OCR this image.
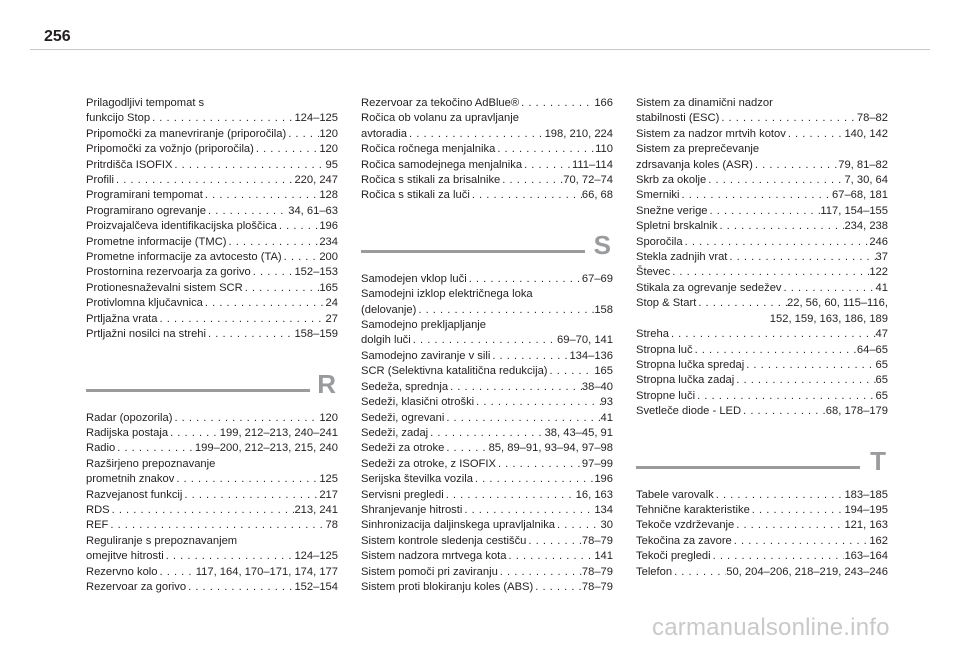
256
Prilagodljivi tempomat s
funkcijo Stop . . .	124–125
Pripomočki za manevriranje (priporočila) . . .	120
Pripomočki za vožnjo (priporočila) . . .	120
Pritrdišča ISOFIX . . .	95
Profili . . .	220, 247
Programirani tempomat . . .	128
Programirano ogrevanje . . .	34, 61–63
Proizvajalčeva identifikacijska ploščica . . .	196
Prometne informacije (TMC) . . .	234
Prometne informacije za avtocesto (TA) . . .	200
Prostornina rezervoarja za gorivo . . .	152–153
Protionesnaževalni sistem SCR . . .	165
Protivlomna ključavnica . . .	24
Prtljažna vrata . . .	27
Prtljažni nosilci na strehi . . .	158–159
R
Radar (opozorila) . . .	120
Radijska postaja . . .	199, 212–213, 240–241
Radio . . .	199–200, 212–213, 215, 240
Razširjeno prepoznavanje
prometnih znakov . . .	125
Razvejanost funkcij . . .	217
RDS . . .	213, 241
REF . . .	78
Reguliranje s prepoznavanjem
omejitve hitrosti . . .	124–125
Rezervno kolo . . .	117, 164, 170–171, 174, 177
Rezervoar za gorivo . . .	152–154
Rezervoar za tekočino AdBlue® . . .	166
Ročica ob volanu za upravljanje
avtoradia . . .	198, 210, 224
Ročica ročnega menjalnika . . .	110
Ročica samodejnega menjalnika . . .	111–114
Ročica s stikali za brisalnike . . .	70, 72–74
Ročica s stikali za luči . . .	66, 68
S
Samodejen vklop luči . . .	67–69
Samodejni izklop električnega loka
(delovanje) . . .	158
Samodejno prekljapljanje
dolgih luči . . .	69–70, 141
Samodejno zaviranje v sili . . .	134–136
SCR (Selektivna katalitična redukcija) . . .	165
Sedeža, sprednja . . .	38–40
Sedeži, klasični otroški . . .	93
Sedeži, ogrevani . . .	41
Sedeži, zadaj . . .	38, 43–45, 91
Sedeži za otroke . . .	85, 89–91, 93–94, 97–98
Sedeži za otroke, z ISOFIX . . .	97–99
Serijska številka vozila . . .	196
Servisni pregledi . . .	16, 163
Shranjevanje hitrosti . . .	134
Sinhronizacija daljinskega upravljalnika . . .	30
Sistem kontrole sledenja cestišču . . .	78–79
Sistem nadzora mrtvega kota . . .	141
Sistem pomoči pri zaviranju . . .	78–79
Sistem proti blokiranju koles (ABS) . . .	78–79
Sistem za dinamični nadzor
stabilnosti (ESC) . . .	78–82
Sistem za nadzor mrtvih kotov . . .	140, 142
Sistem za preprečevanje
zdrsavanja koles (ASR) . . .	79, 81–82
Skrb za okolje . . .	7, 30, 64
Smerniki . . .	67–68, 181
Snežne verige . . .	117, 154–155
Spletni brskalnik . . .	234, 238
Sporočila . . .	246
Stekla zadnjih vrat . . .	37
Števec . . .	122
Stikala za ogrevanje sedežev . . .	41
Stop & Start . . .	22, 56, 60, 115–116,
152, 159, 163, 186, 189
Streha . . .	47
Stropna luč . . .	64–65
Stropna lučka spredaj . . .	65
Stropna lučka zadaj . . .	65
Stropne luči . . .	65
Svetleče diode - LED . . .	68, 178–179
T
Tabele varovalk . . .	183–185
Tehnične karakteristike . . .	194–195
Tekoče vzdrževanje . . .	121, 163
Tekočina za zavore . . .	162
Tekoči pregledi . . .	163–164
Telefon . . .	50, 204–206, 218–219, 243–246
carmanualsonline.info
